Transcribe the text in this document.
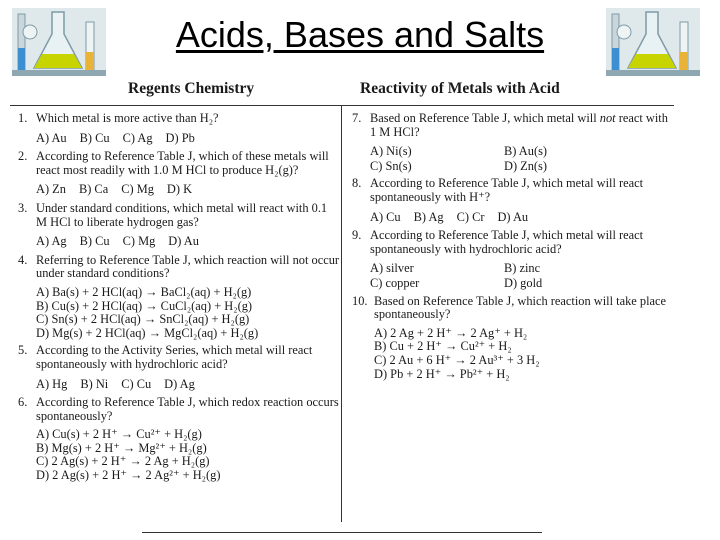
Acids, Bases and Salts
Regents Chemistry	Reactivity of Metals with Acid
1. Which metal is more active than H₂?
A) Au B) Cu C) Ag D) Pb
2. According to Reference Table J, which of these metals will react most readily with 1.0 M HCl to produce H₂(g)?
A) Zn B) Ca C) Mg D) K
3. Under standard conditions, which metal will react with 0.1 M HCl to liberate hydrogen gas?
A) Ag B) Cu C) Mg D) Au
4. Referring to Reference Table J, which reaction will not occur under standard conditions?
A) Ba(s) + 2 HCl(aq) → BaCl₂(aq) + H₂(g)
B) Cu(s) + 2 HCl(aq) → CuCl₂(aq) + H₂(g)
C) Sn(s) + 2 HCl(aq) → SnCl₂(aq) + H₂(g)
D) Mg(s) + 2 HCl(aq) → MgCl₂(aq) + H₂(g)
5. According to the Activity Series, which metal will react spontaneously with hydrochloric acid?
A) Hg B) Ni C) Cu D) Ag
6. According to Reference Table J, which redox reaction occurs spontaneously?
A) Cu(s) + 2 H⁺ → Cu²⁺ + H₂(g)
B) Mg(s) + 2 H⁺ → Mg²⁺ + H₂(g)
C) 2 Ag(s) + 2 H⁺ → 2 Ag + H₂(g)
D) 2 Ag(s) + 2 H⁺ → 2 Ag²⁺ + H₂(g)
7. Based on Reference Table J, which metal will not react with 1 M HCl?
A) Ni(s)	B) Au(s)
C) Sn(s)	D) Zn(s)
8. According to Reference Table J, which metal will react spontaneously with H⁺?
A) Cu B) Ag C) Cr D) Au
9. According to Reference Table J, which metal will react spontaneously with hydrochloric acid?
A) silver	B) zinc
C) copper	D) gold
10. Based on Reference Table J, which reaction will take place spontaneously?
A) 2 Ag + 2 H⁺ → 2 Ag⁺ + H₂
B) Cu + 2 H⁺ → Cu²⁺ + H₂
C) 2 Au + 6 H⁺ → 2 Au³⁺ + 3 H₂
D) Pb + 2 H⁺ → Pb²⁺ + H₂
